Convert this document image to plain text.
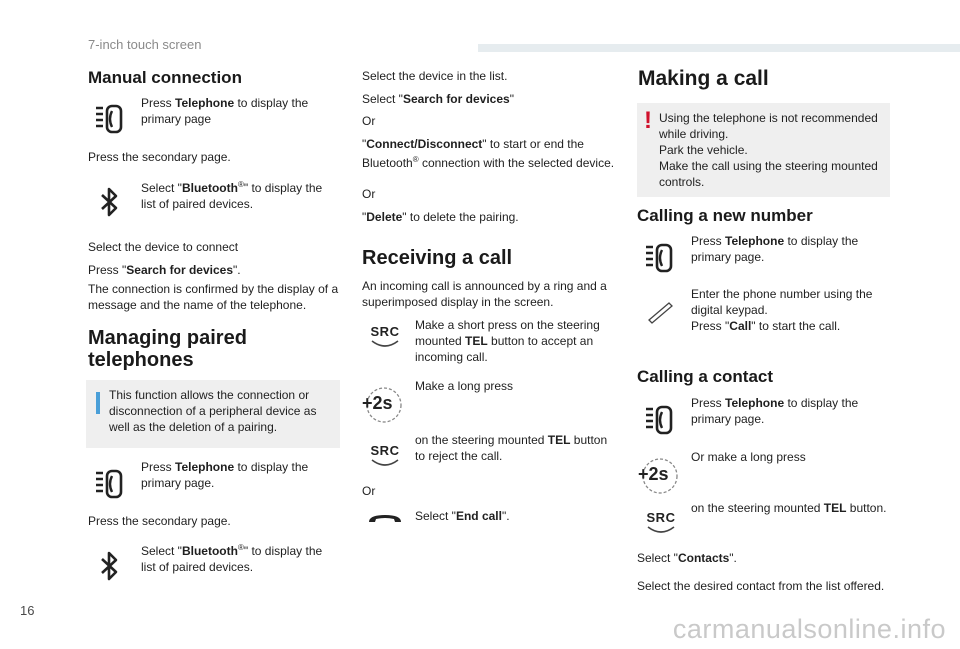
7-inch touch screen
Manual connection
Press Telephone to display the primary page
Press the secondary page.
Select "Bluetooth®" to display the list of paired devices.
Select the device to connect
Press "Search for devices".
The connection is confirmed by the display of a message and the name of the telephone.
Managing paired
telephones
This function allows the connection or disconnection of a peripheral device as well as the deletion of a pairing.
Press Telephone to display the primary page.
Press the secondary page.
Select "Bluetooth®" to display the list of paired devices.
Select the device in the list.
Select "Search for devices"
Or
"Connect/Disconnect" to start or end the Bluetooth® connection with the selected device.
Or
"Delete" to delete the pairing.
Receiving a call
An incoming call is announced by a ring and a superimposed display in the screen.
SRC	Make a short press on the steering mounted TEL button to accept an incoming call.
+2s
Make a long press
SRC
on the steering mounted TEL button to reject the call.
Or
Select "End call".
Making a call
! Using the telephone is not recommended while driving.
Park the vehicle.
Make the call using the steering mounted controls.
Calling a new number
Press Telephone to display the primary page.
Enter the phone number using the digital keypad.
Press "Call" to start the call.
Calling a contact
Press Telephone to display the primary page.
+2s
Or make a long press
SRC
on the steering mounted TEL button.
Select "Contacts".
Select the desired contact from the list offered.
16
carmanualsonline.info
